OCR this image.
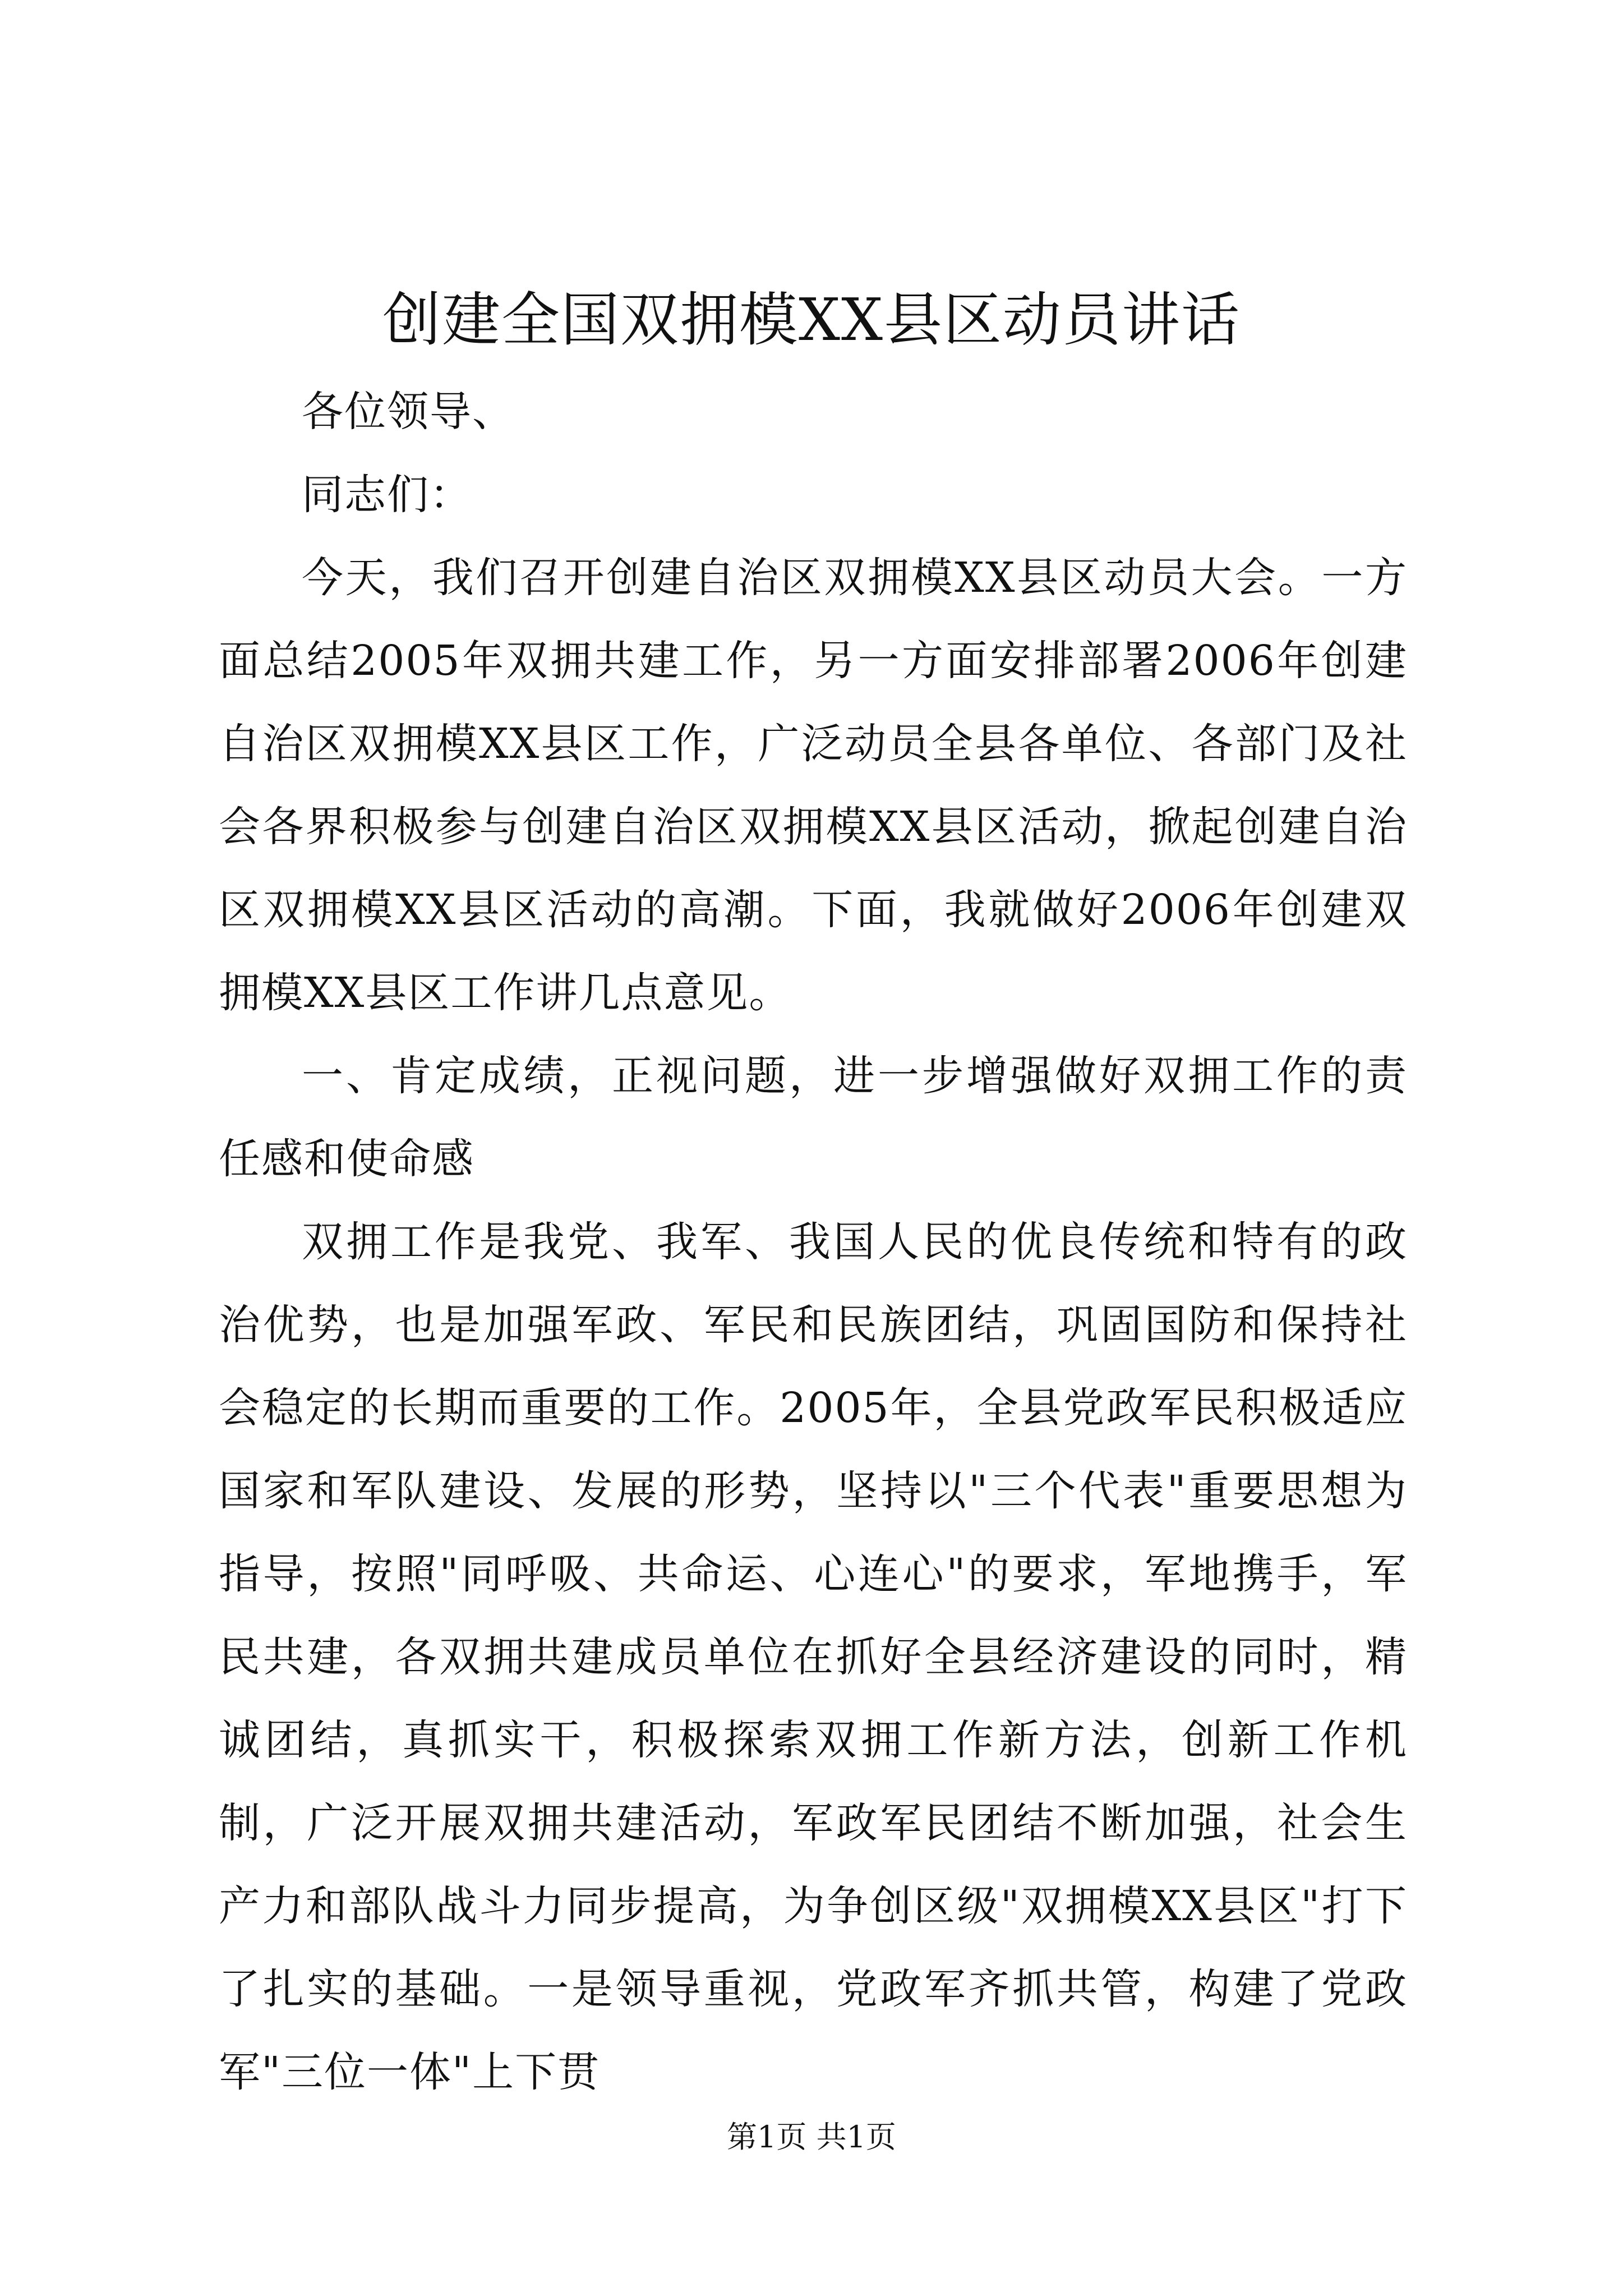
创建全国双拥模XX县区动员讲话

各位领导、

同志们：

今天，我们召开创建自治区双拥模XX县区动员大会。一方面总结2005年双拥共建工作，另一方面安排部署2006年创建自治区双拥模XX县区工作，广泛动员全县各单位、各部门及社会各界积极参与创建自治区双拥模XX县区活动，掀起创建自治区双拥模XX县区活动的高潮。下面，我就做好2006年创建双拥模XX县区工作讲几点意见。

一、肯定成绩，正视问题，进一步增强做好双拥工作的责任感和使命感

双拥工作是我党、我军、我国人民的优良传统和特有的政治优势，也是加强军政、军民和民族团结，巩固国防和保持社会稳定的长期而重要的工作。2005年，全县党政军民积极适应国家和军队建设、发展的形势，坚持以"三个代表"重要思想为指导，按照"同呼吸、共命运、心连心"的要求，军地携手，军民共建，各双拥共建成员单位在抓好全县经济建设的同时，精诚团结，真抓实干，积极探索双拥工作新方法，创新工作机制，广泛开展双拥共建活动，军政军民团结不断加强，社会生产力和部队战斗力同步提高，为争创区级"双拥模XX县区"打下了扎实的基础。一是领导重视，党政军齐抓共管，构建了党政军"三位一体"上下贯

第1页 共1页
